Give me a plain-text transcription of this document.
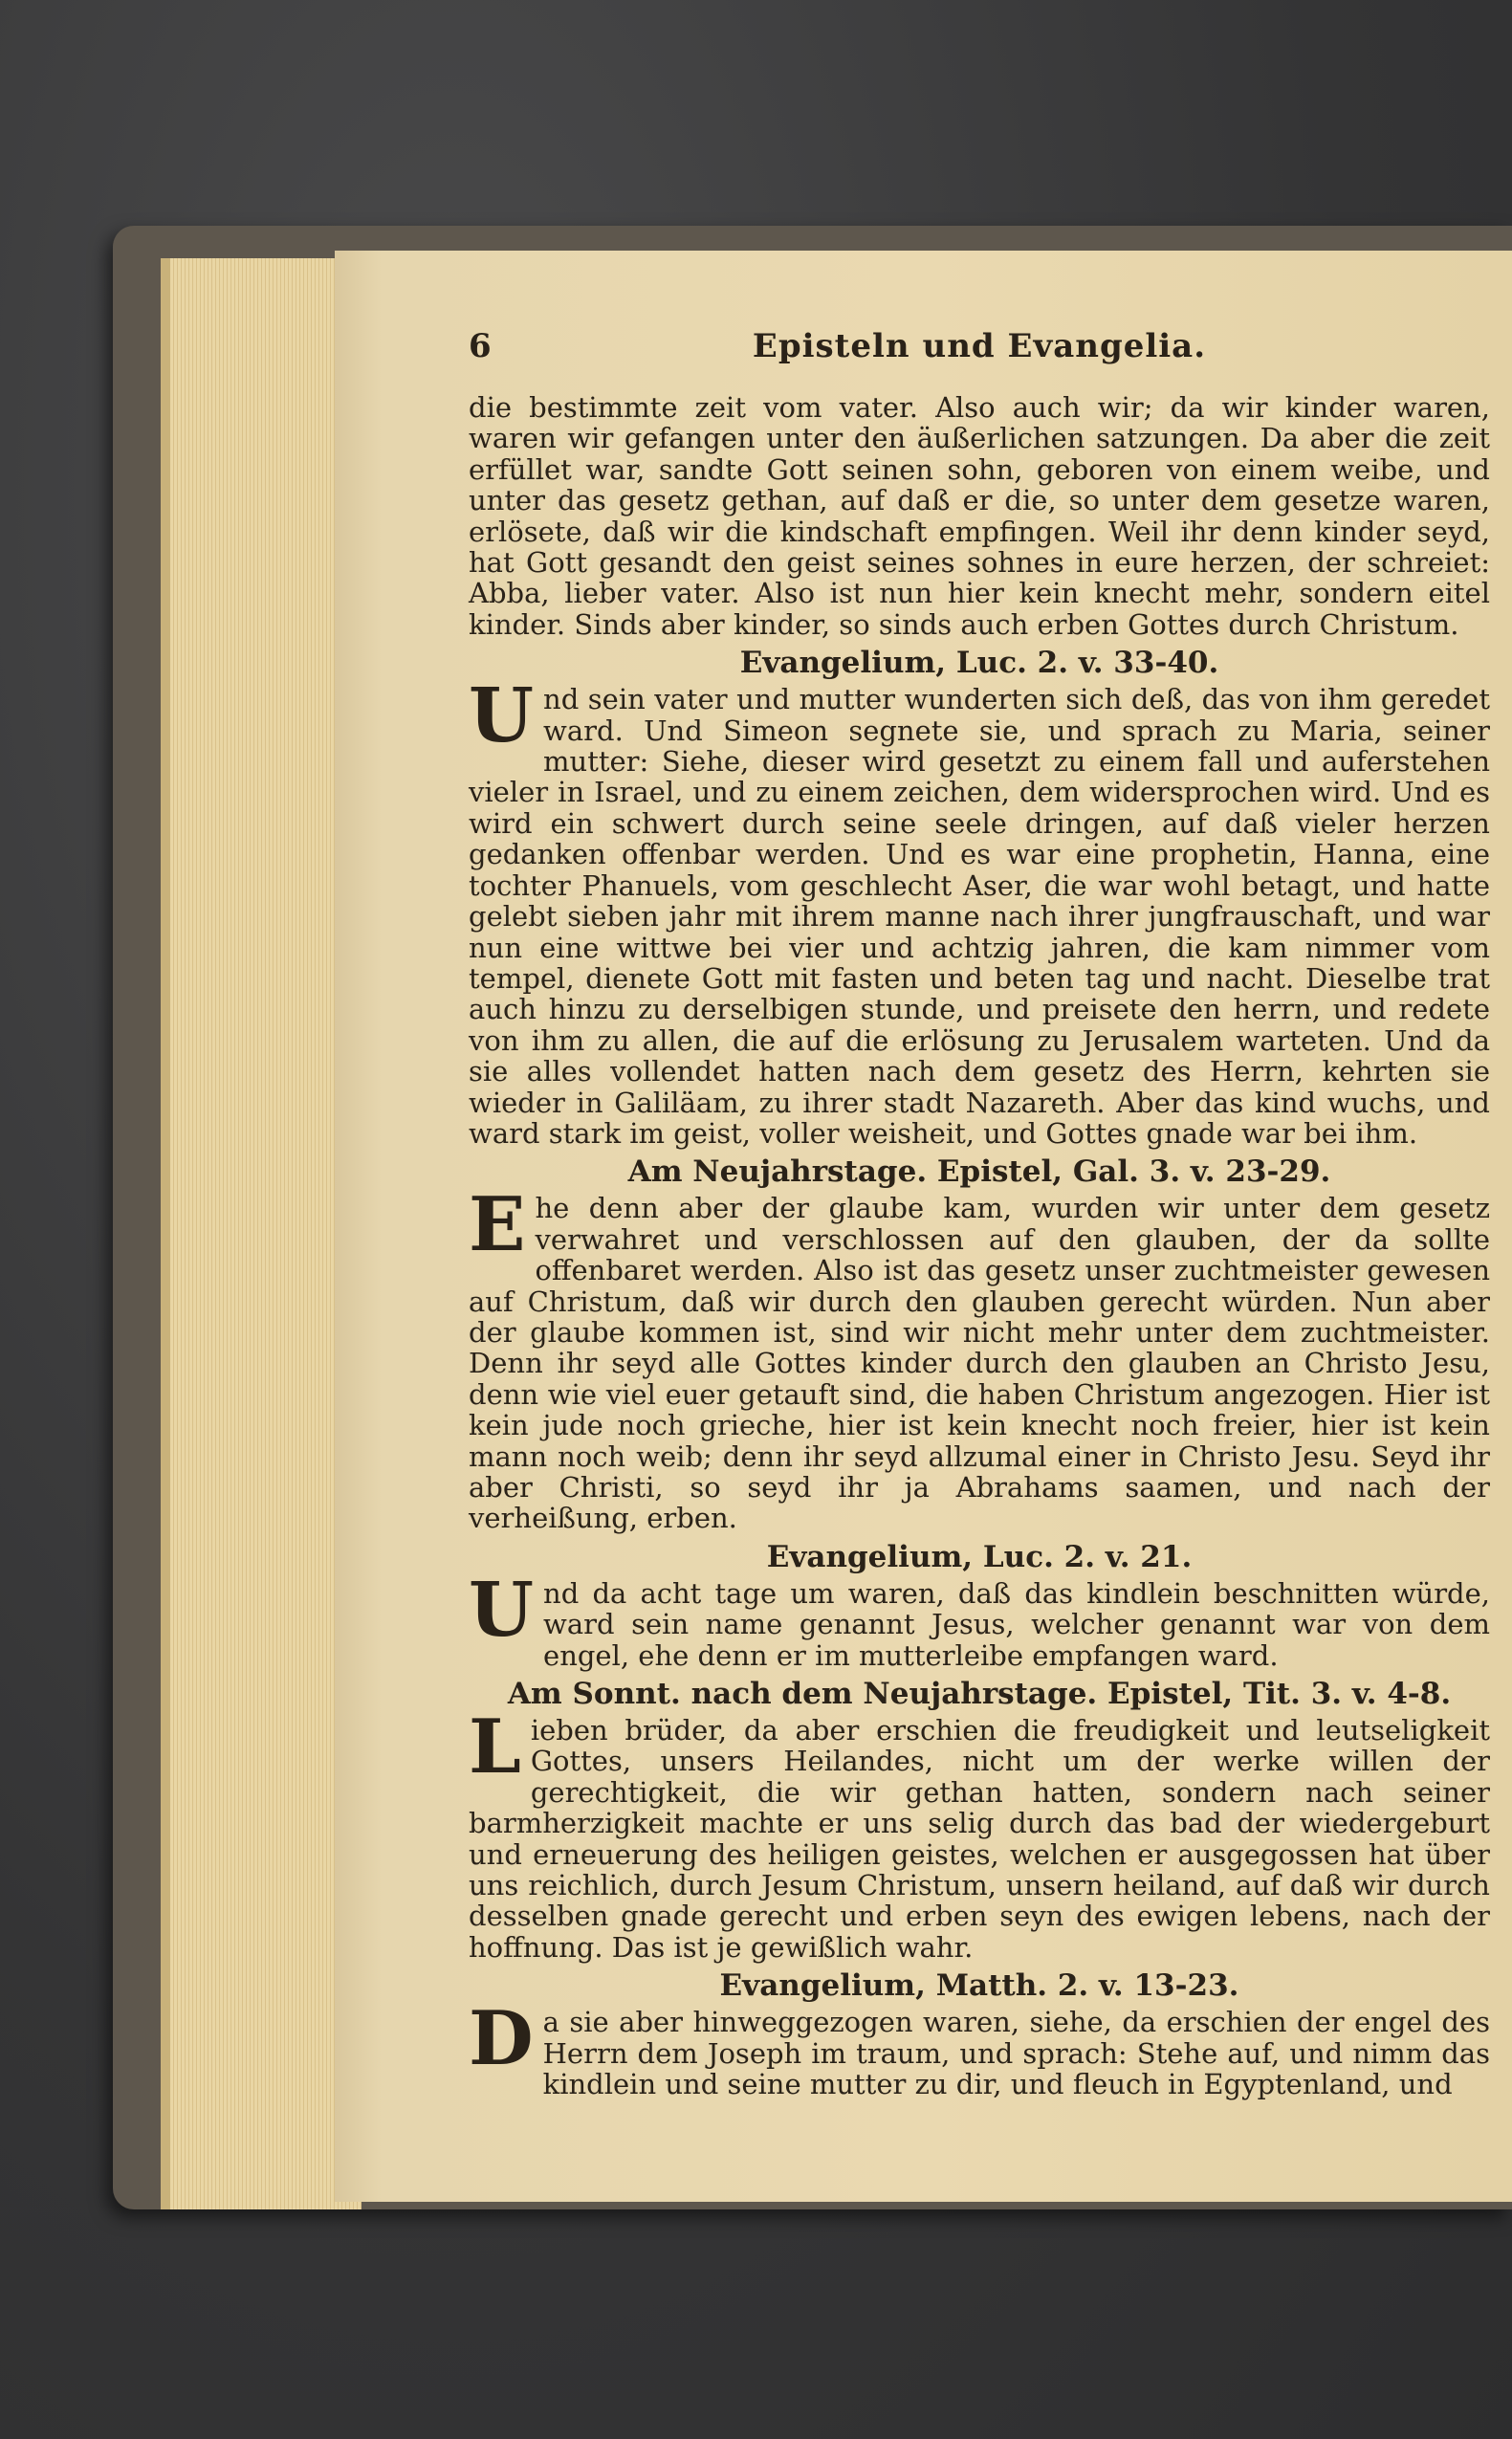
6	Episteln und Evangelia.

die bestimmte zeit vom vater. Also auch wir; da wir kinder waren, waren wir gefangen unter den äußerlichen satzungen. Da aber die zeit erfüllet war, sandte Gott seinen sohn, geboren von einem weibe, und unter das gesetz gethan, auf daß er die, so unter dem gesetze waren, erlösete, daß wir die kindschaft empfingen. Weil ihr denn kinder seyd, hat Gott gesandt den geist seines sohnes in eure herzen, der schreiet: Abba, lieber vater. Also ist nun hier kein knecht mehr, sondern eitel kinder. Sinds aber kinder, so sinds auch erben Gottes durch Christum.

Evangelium, Luc. 2. v. 33-40.

Und sein vater und mutter wunderten sich deß, das von ihm geredet ward. Und Simeon segnete sie, und sprach zu Maria, seiner mutter: Siehe, dieser wird gesetzt zu einem fall und auferstehen vieler in Israel, und zu einem zeichen, dem widersprochen wird. Und es wird ein schwert durch seine seele dringen, auf daß vieler herzen gedanken offenbar werden. Und es war eine prophetin, Hanna, eine tochter Phanuels, vom geschlecht Aser, die war wohl betagt, und hatte gelebt sieben jahr mit ihrem manne nach ihrer jungfrauschaft, und war nun eine wittwe bei vier und achtzig jahren, die kam nimmer vom tempel, dienete Gott mit fasten und beten tag und nacht. Dieselbe trat auch hinzu zu derselbigen stunde, und preisete den herrn, und redete von ihm zu allen, die auf die erlösung zu Jerusalem warteten. Und da sie alles vollendet hatten nach dem gesetz des Herrn, kehrten sie wieder in Galiläam, zu ihrer stadt Nazareth. Aber das kind wuchs, und ward stark im geist, voller weisheit, und Gottes gnade war bei ihm.

Am Neujahrstage. Epistel, Gal. 3. v. 23-29.

Ehe denn aber der glaube kam, wurden wir unter dem gesetz verwahret und verschlossen auf den glauben, der da sollte offenbaret werden. Also ist das gesetz unser zuchtmeister gewesen auf Christum, daß wir durch den glauben gerecht würden. Nun aber der glaube kommen ist, sind wir nicht mehr unter dem zuchtmeister. Denn ihr seyd alle Gottes kinder durch den glauben an Christo Jesu, denn wie viel euer getauft sind, die haben Christum angezogen. Hier ist kein jude noch grieche, hier ist kein knecht noch freier, hier ist kein mann noch weib; denn ihr seyd allzumal einer in Christo Jesu. Seyd ihr aber Christi, so seyd ihr ja Abrahams saamen, und nach der verheißung, erben.

Evangelium, Luc. 2. v. 21.

Und da acht tage um waren, daß das kindlein beschnitten würde, ward sein name genannt Jesus, welcher genannt war von dem engel, ehe denn er im mutterleibe empfangen ward.

Am Sonnt. nach dem Neujahrstage. Epistel, Tit. 3. v. 4-8.

Lieben brüder, da aber erschien die freudigkeit und leutseligkeit Gottes, unsers Heilandes, nicht um der werke willen der gerechtigkeit, die wir gethan hatten, sondern nach seiner barmherzigkeit machte er uns selig durch das bad der wiedergeburt und erneuerung des heiligen geistes, welchen er ausgegossen hat über uns reichlich, durch Jesum Christum, unsern heiland, auf daß wir durch desselben gnade gerecht und erben seyn des ewigen lebens, nach der hoffnung. Das ist je gewißlich wahr.

Evangelium, Matth. 2. v. 13-23.

Da sie aber hinweggezogen waren, siehe, da erschien der engel des Herrn dem Joseph im traum, und sprach: Stehe auf, und nimm das kindlein und seine mutter zu dir, und fleuch in Egyptenland, und
